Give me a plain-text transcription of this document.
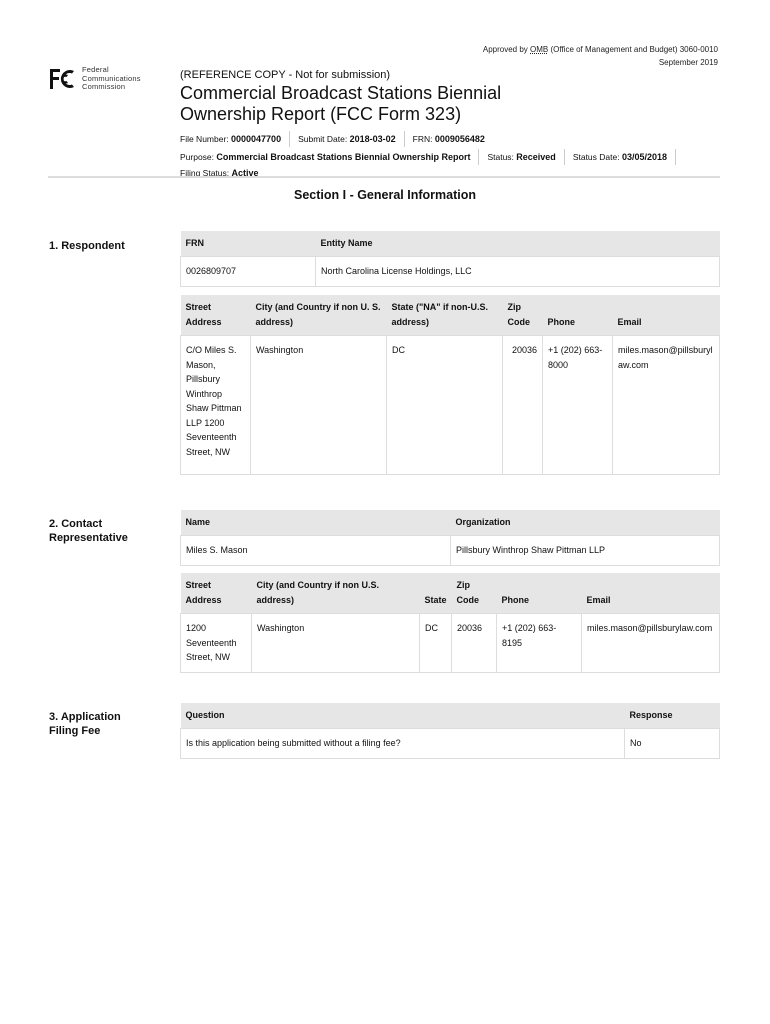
Approved by OMB (Office of Management and Budget) 3060-0010
September 2019
Federal
Communications
Commission
(REFERENCE COPY - Not for submission)
Commercial Broadcast Stations Biennial
Ownership Report (FCC Form 323)
File Number: 0000047700	Submit Date: 2018-03-02	FRN: 0009056482
Purpose: Commercial Broadcast Stations Biennial Ownership Report	Status: Received	Status Date: 03/05/2018
Filing Status: Active
Section I - General Information
1. Respondent	FRN	Entity Name
0026809707	North Carolina License Holdings, LLC
Street Address	City (and Country if non U. S. address)	State ("NA" if non-U.S. address)	Zip Code	Phone	Email
C/O Miles S. Mason, Pillsbury Winthrop Shaw Pittman LLP 1200 Seventeenth Street, NW	Washington	DC	20036	+1 (202) 663-8000	miles.mason@pillsburylaw.com
2. Contact
Representative
Name	Organization
Miles S. Mason	Pillsbury Winthrop Shaw Pittman LLP
Street Address	City (and Country if non U.S. address)	State	Zip Code	Phone	Email
1200 Seventeenth Street, NW	Washington	DC	20036	+1 (202) 663-8195	miles.mason@pillsburylaw.com
3. Application
Filing Fee
Question	Response
Is this application being submitted without a filing fee?	No
